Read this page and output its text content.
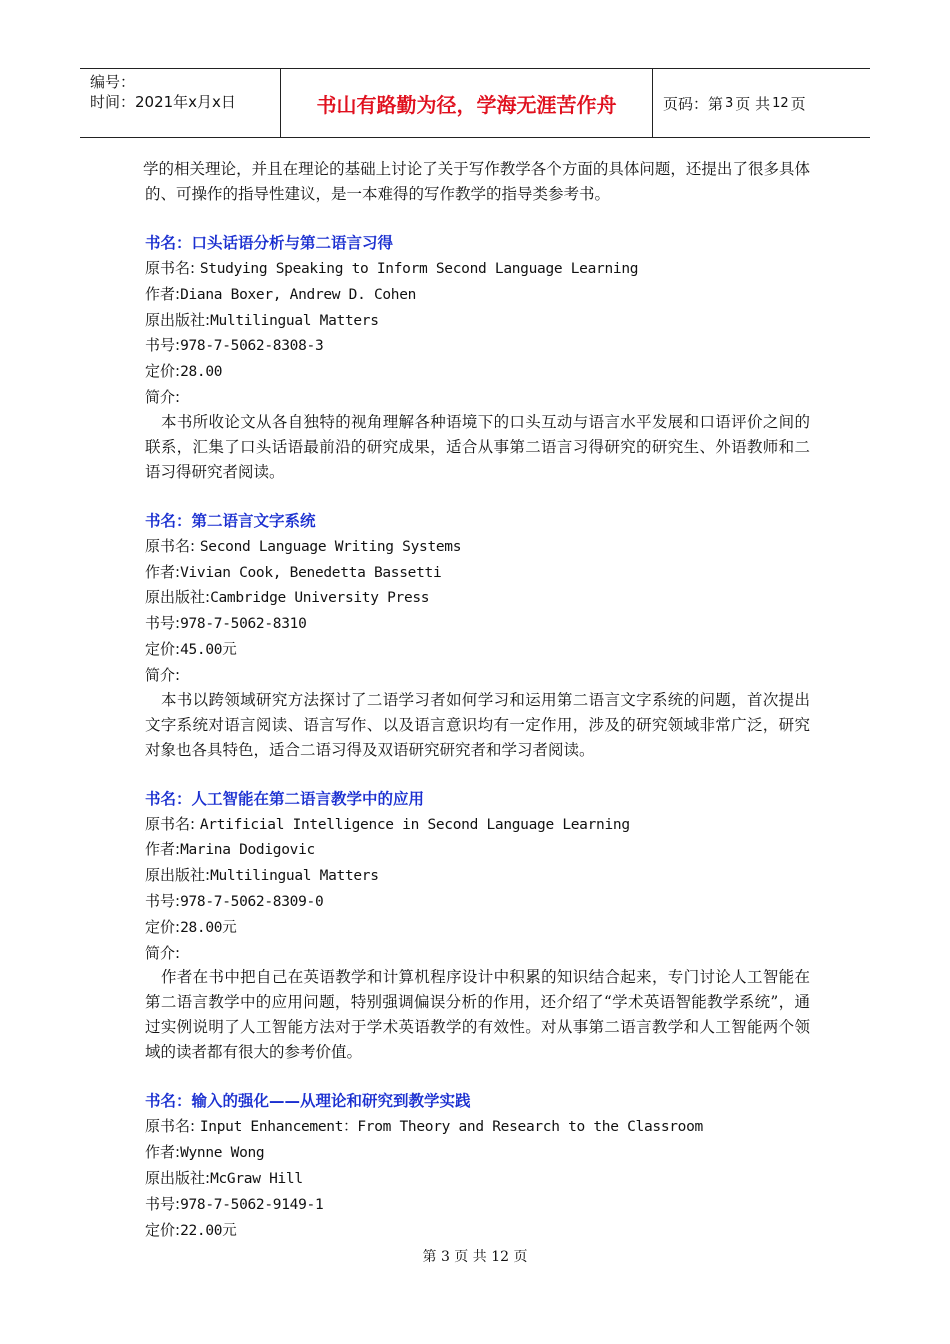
编号：
时间：2021年x月x日	书山有路勤为径，学海无涯苦作舟	页码：第 3 页 共 12 页

学的相关理论，并且在理论的基础上讨论了关于写作教学各个方面的具体问题，还提出了很多具体的、可操作的指导性建议，是一本难得的写作教学的指导类参考书。

书名：口头话语分析与第二语言习得
原书名: Studying Speaking to Inform Second Language Learning
作者:Diana Boxer, Andrew D. Cohen
原出版社:Multilingual Matters
书号:978-7-5062-8308-3
定价:28.00
简介:

本书所收论文从各自独特的视角理解各种语境下的口头互动与语言水平发展和口语评价之间的联系，汇集了口头话语最前沿的研究成果，适合从事第二语言习得研究的研究生、外语教师和二语习得研究者阅读。

书名：第二语言文字系统
原书名: Second Language Writing Systems
作者:Vivian Cook, Benedetta Bassetti
原出版社:Cambridge University Press
书号:978-7-5062-8310
定价:45.00元
简介:

本书以跨领域研究方法探讨了二语学习者如何学习和运用第二语言文字系统的问题，首次提出文字系统对语言阅读、语言写作、以及语言意识均有一定作用，涉及的研究领域非常广泛，研究对象也各具特色，适合二语习得及双语研究研究者和学习者阅读。

书名：人工智能在第二语言教学中的应用
原书名: Artificial Intelligence in Second Language Learning
作者:Marina Dodigovic
原出版社:Multilingual Matters
书号:978-7-5062-8309-0
定价:28.00元
简介:

作者在书中把自己在英语教学和计算机程序设计中积累的知识结合起来，专门讨论人工智能在第二语言教学中的应用问题，特别强调偏误分析的作用，还介绍了“学术英语智能教学系统”，通过实例说明了人工智能方法对于学术英语教学的有效性。对从事第二语言教学和人工智能两个领域的读者都有很大的参考价值。

书名：输入的强化——从理论和研究到教学实践
原书名: Input Enhancement：From Theory and Research to the Classroom
作者:Wynne Wong
原出版社:McGraw Hill
书号:978-7-5062-9149-1
定价:22.00元
第 3 页 共 12 页
